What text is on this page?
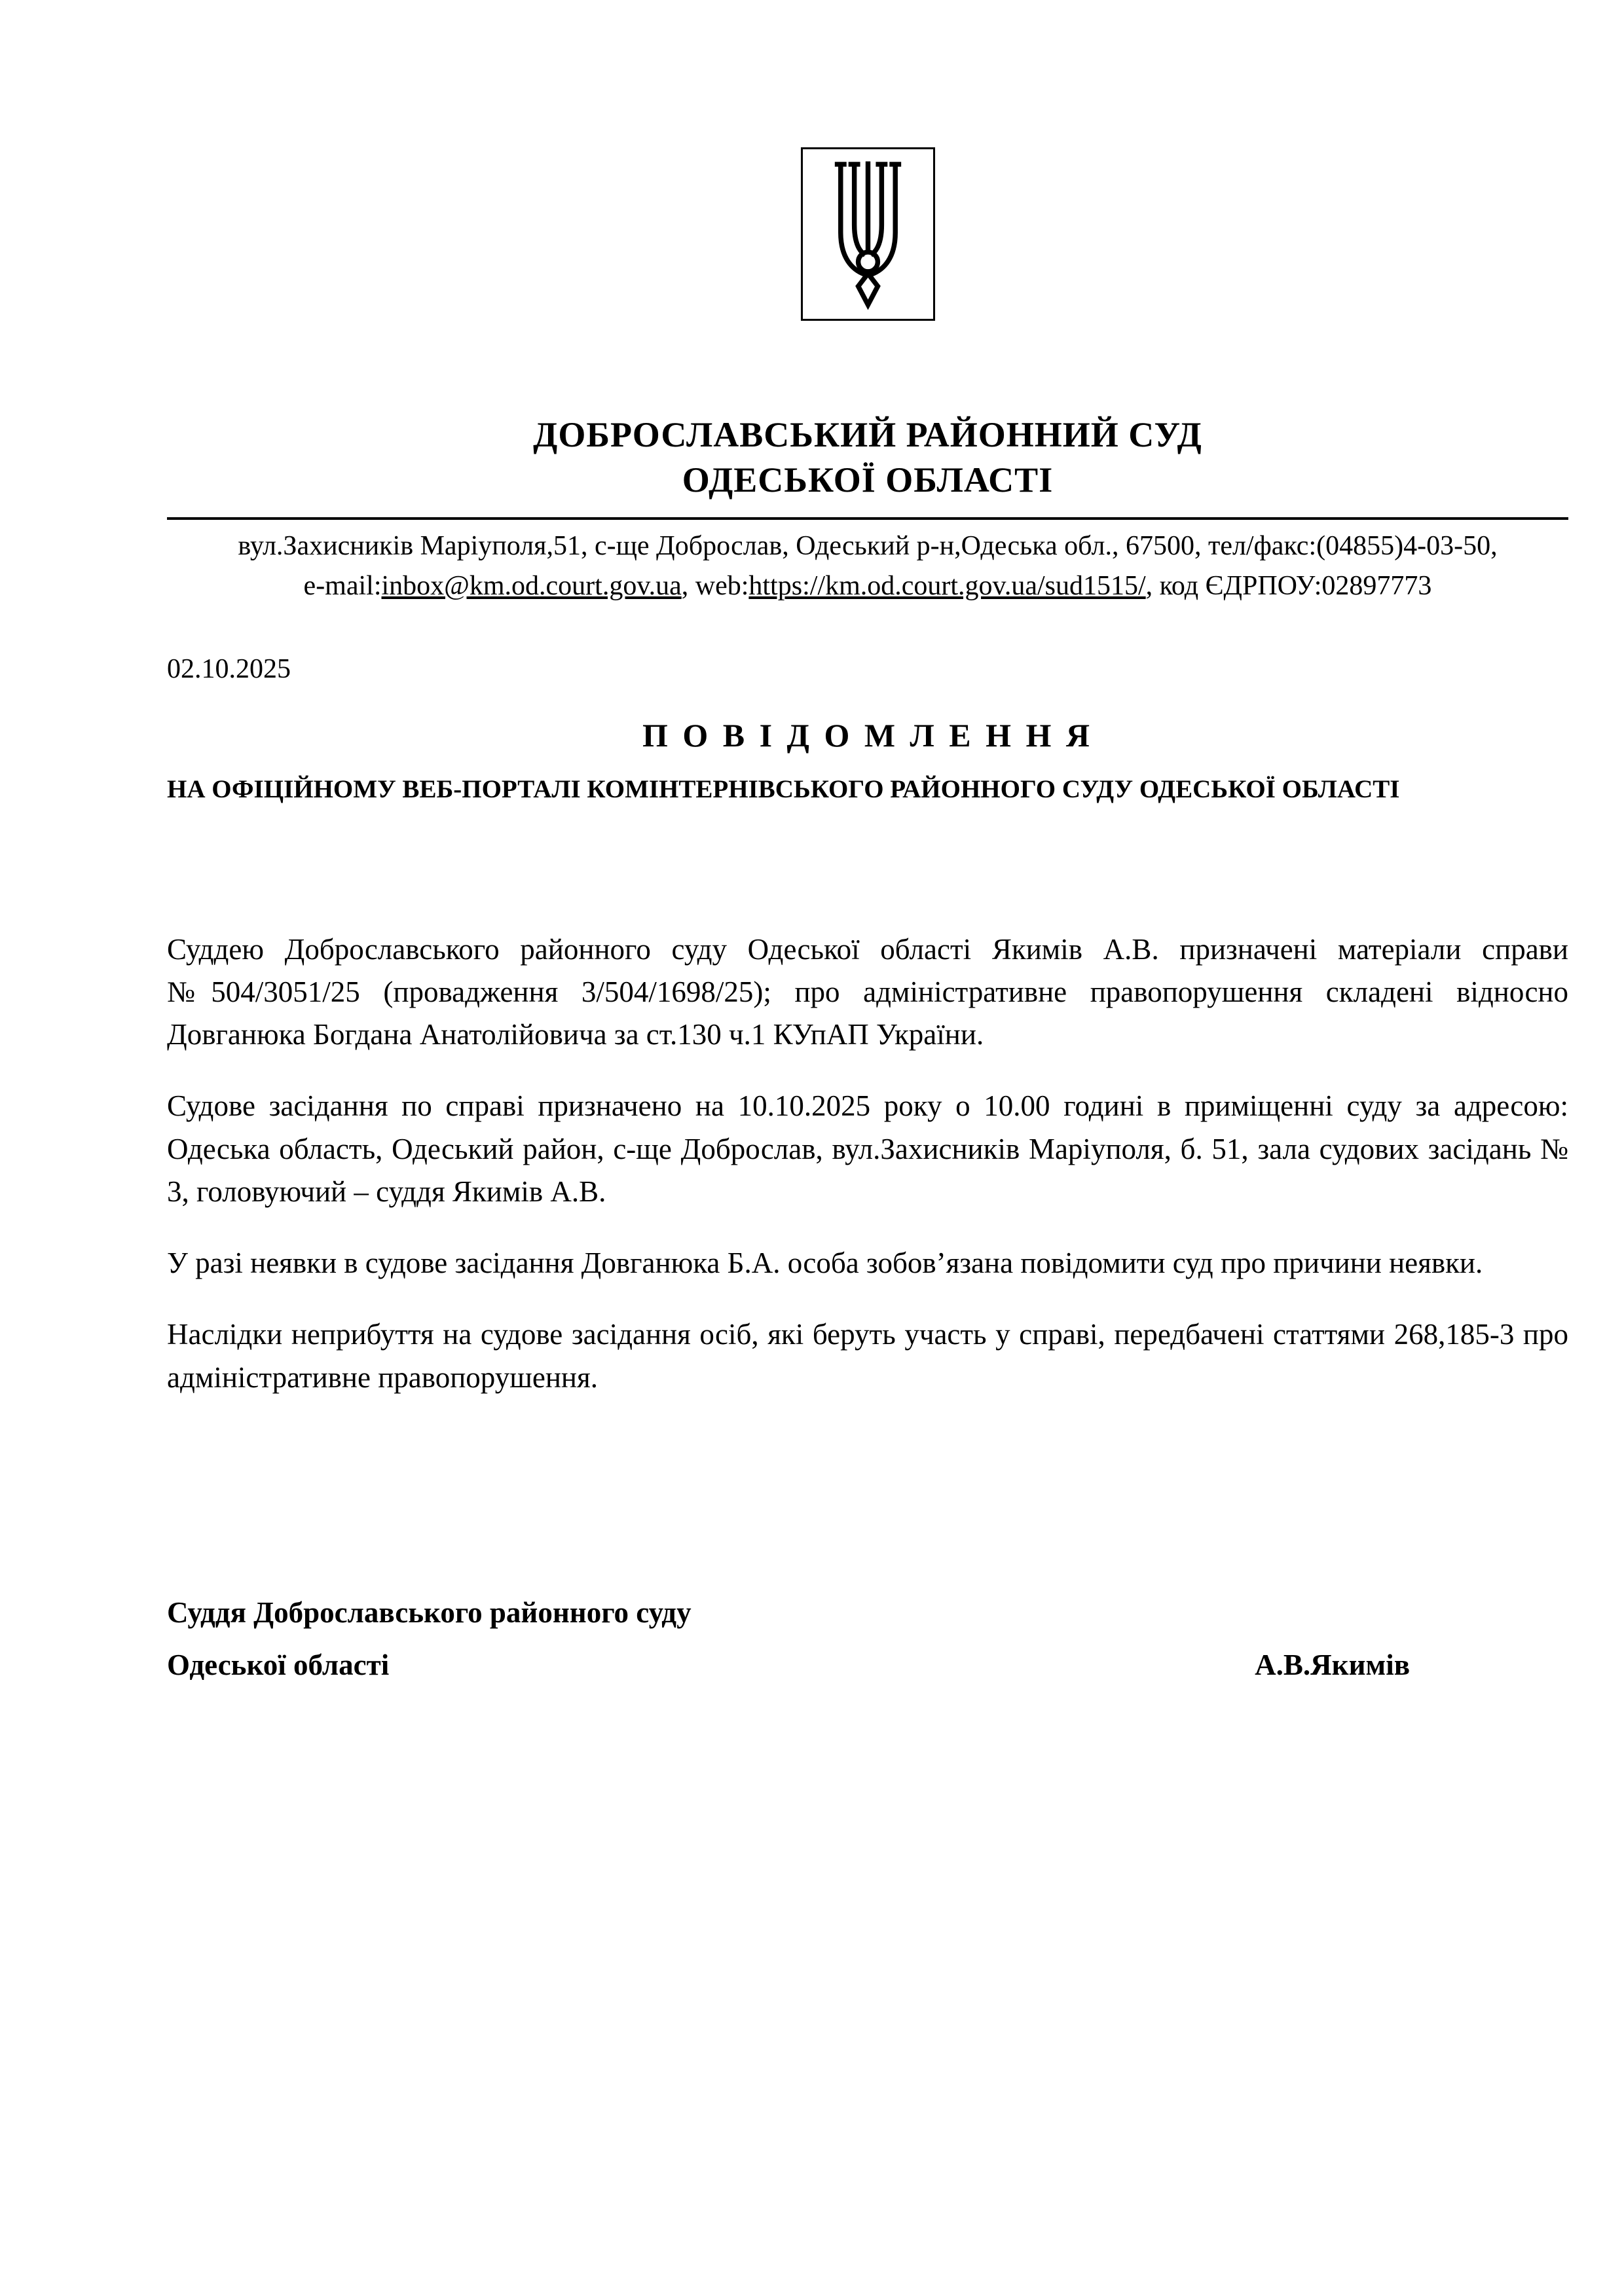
ДОБРОСЛАВСЬКИЙ РАЙОННИЙ СУД
ОДЕСЬКОЇ ОБЛАСТІ
вул.Захисників Маріуполя,51, с-ще Доброслав, Одеський р-н,Одеська обл., 67500, тел/факс:(04855)4-03-50,
e-mail:inbox@km.od.court.gov.ua, web:https://km.od.court.gov.ua/sud1515/, код ЄДРПОУ:02897773
02.10.2025
П О В І Д О М Л Е Н Н Я
НА ОФІЦІЙНОМУ ВЕБ-ПОРТАЛІ КОМІНТЕРНІВСЬКОГО РАЙОННОГО СУДУ ОДЕСЬКОЇ ОБЛАСТІ

Суддею Доброславського районного суду Одеської області Якимів А.В. призначені матеріали справи №504/3051/25 (провадження 3/504/1698/25); про адміністративне правопорушення складені відносно Довганюка Богдана Анатолійовича за ст.130 ч.1 КУпАП України.

Судове засідання по справі призначено на 10.10.2025 року о 10.00 годині в приміщенні суду за адресою: Одеська область, Одеський район, с-ще Доброслав, вул.Захисників Маріуполя, б. 51, зала судових засідань № 3, головуючий – суддя Якимів А.В.

У разі неявки в судове засідання Довганюка Б.А. особа зобов’язана повідомити суд про причини неявки.

Наслідки неприбуття на судове засідання осіб, які беруть участь у справі, передбачені статтями 268,185-3 про адміністративне правопорушення.

Суддя Доброславського районного суду
Одеської області	А.В.Якимів
